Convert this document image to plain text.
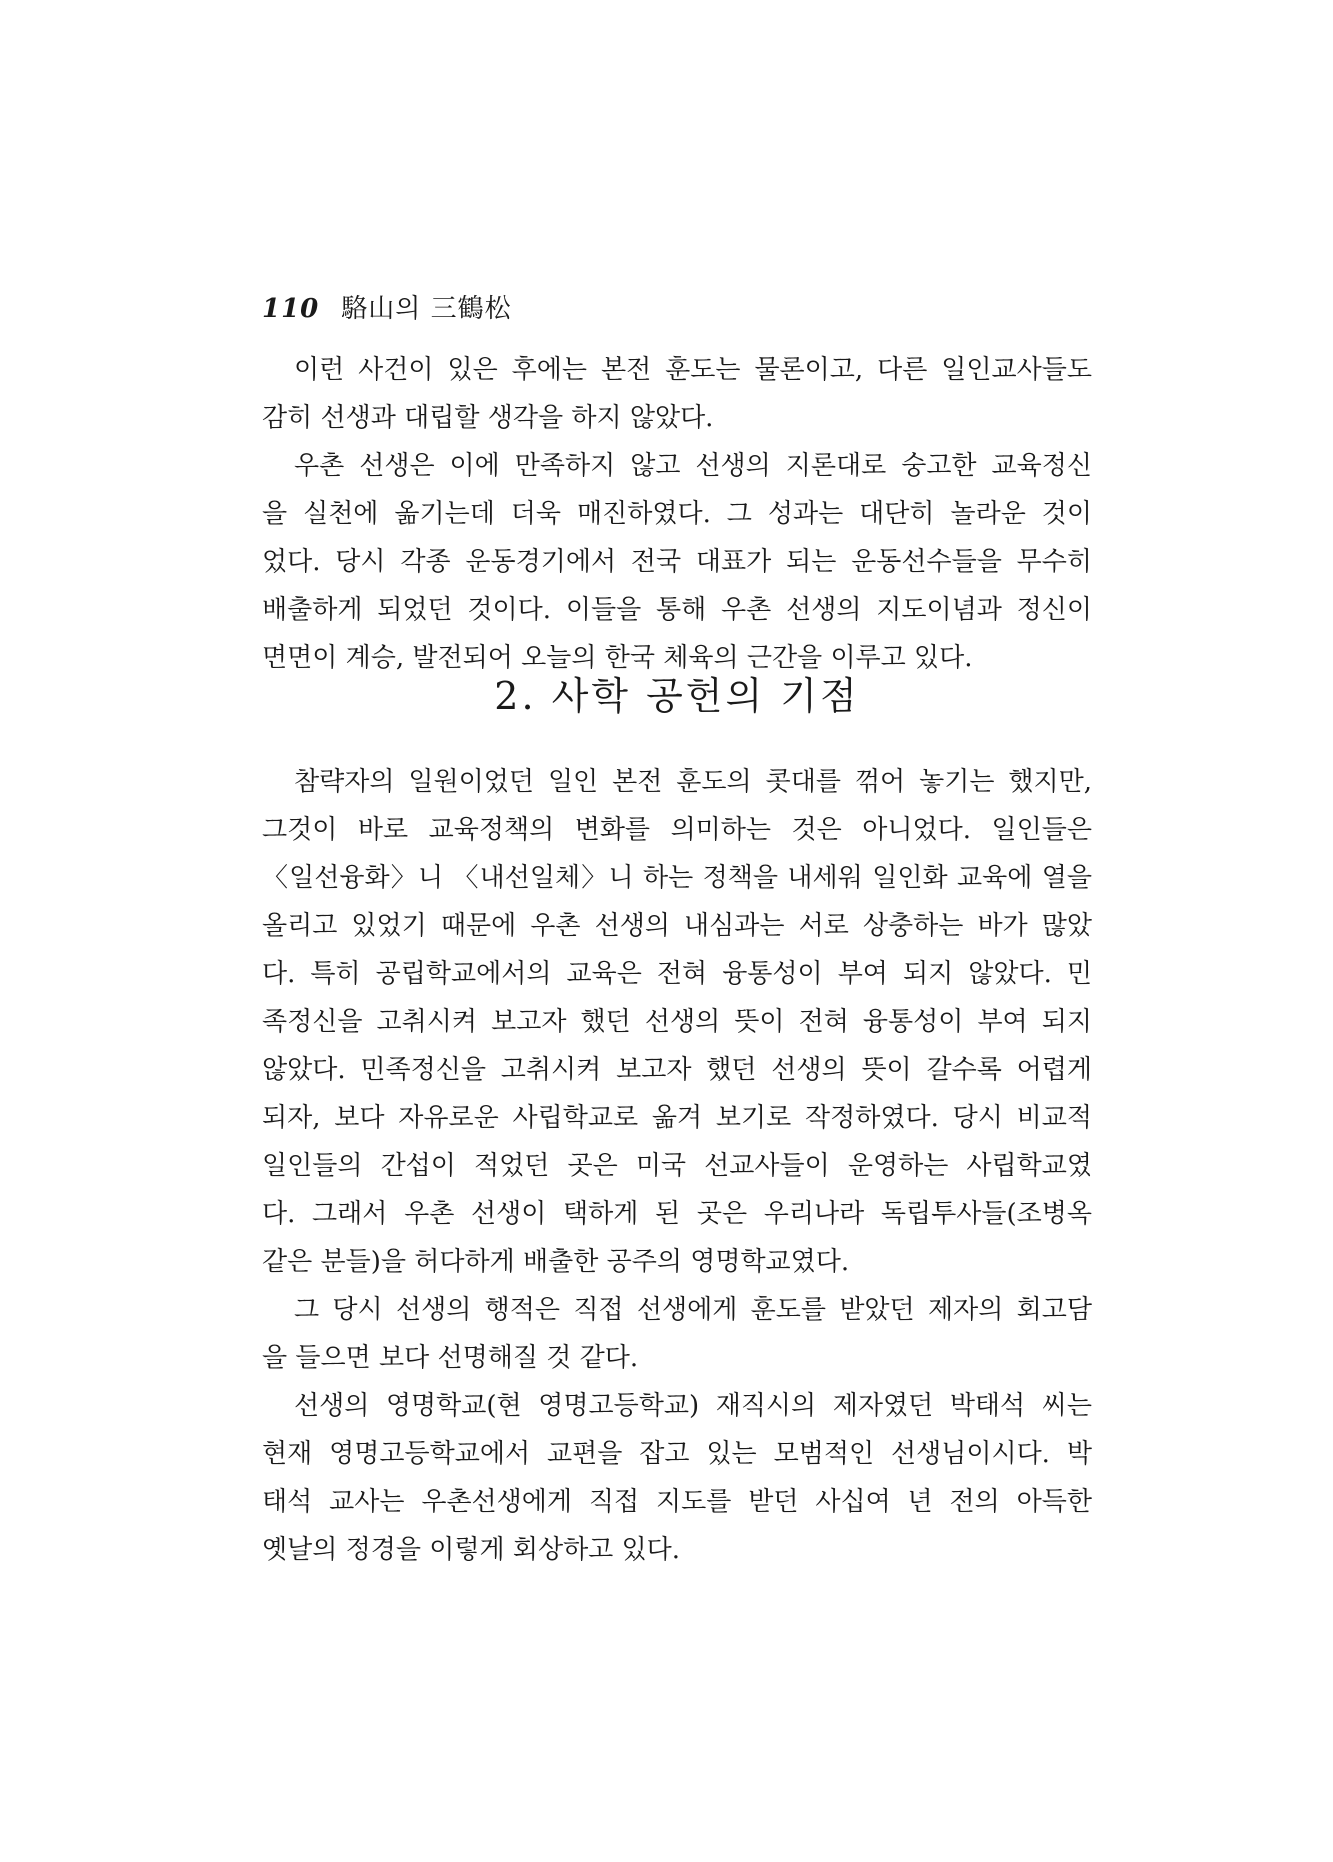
110 駱山의 三鶴松
이런 사건이 있은 후에는 본전 훈도는 물론이고, 다른 일인교사들도
감히 선생과 대립할 생각을 하지 않았다.
우촌 선생은 이에 만족하지 않고 선생의 지론대로 숭고한 교육정신
을 실천에 옮기는데 더욱 매진하였다. 그 성과는 대단히 놀라운 것이
었다. 당시 각종 운동경기에서 전국 대표가 되는 운동선수들을 무수히
배출하게 되었던 것이다. 이들을 통해 우촌 선생의 지도이념과 정신이
면면이 계승, 발전되어 오늘의 한국 체육의 근간을 이루고 있다.
2. 사학 공헌의 기점
참략자의 일원이었던 일인 본전 훈도의 콧대를 꺾어 놓기는 했지만,
그것이 바로 교육정책의 변화를 의미하는 것은 아니었다. 일인들은
〈일선융화〉니 〈내선일체〉니 하는 정책을 내세워 일인화 교육에 열을
올리고 있었기 때문에 우촌 선생의 내심과는 서로 상충하는 바가 많았
다. 특히 공립학교에서의 교육은 전혀 융통성이 부여 되지 않았다. 민
족정신을 고취시켜 보고자 했던 선생의 뜻이 전혀 융통성이 부여 되지
않았다. 민족정신을 고취시켜 보고자 했던 선생의 뜻이 갈수록 어렵게
되자, 보다 자유로운 사립학교로 옮겨 보기로 작정하였다. 당시 비교적
일인들의 간섭이 적었던 곳은 미국 선교사들이 운영하는 사립학교였
다. 그래서 우촌 선생이 택하게 된 곳은 우리나라 독립투사들(조병옥
같은 분들)을 허다하게 배출한 공주의 영명학교였다.
그 당시 선생의 행적은 직접 선생에게 훈도를 받았던 제자의 회고담
을 들으면 보다 선명해질 것 같다.
선생의 영명학교(현 영명고등학교) 재직시의 제자였던 박태석 씨는
현재 영명고등학교에서 교편을 잡고 있는 모범적인 선생님이시다. 박
태석 교사는 우촌선생에게 직접 지도를 받던 사십여 년 전의 아득한
옛날의 정경을 이렇게 회상하고 있다.
